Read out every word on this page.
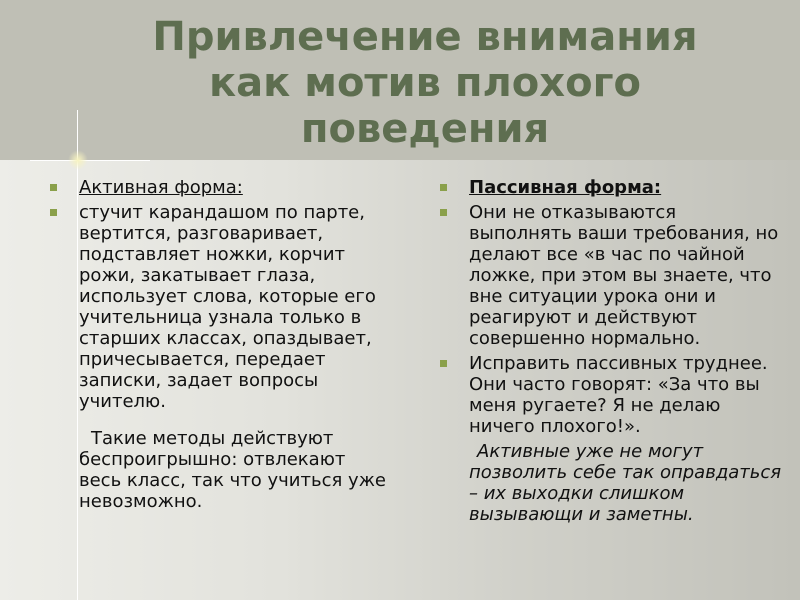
Привлечение внимания
как мотив плохого
поведения
Активная форма:
стучит карандашом по парте, вертится, разговаривает, подставляет ножки, корчит рожи, закатывает глаза, использует слова, которые его учительница узнала только в старших классах, опаздывает, причесывается, передает записки, задает вопросы учителю.
Такие методы действуют беспроигрышно: отвлекают весь класс, так что учиться уже невозможно.
Пассивная форма:
Они не отказываются выполнять ваши требования, но делают все «в час по чайной ложке, при этом вы знаете, что вне ситуации урока они и реагируют и действуют совершенно нормально.
Исправить пассивных труднее. Они часто говорят: «За что вы меня ругаете? Я не делаю ничего плохого!».
Активные уже не могут позволить себе так оправдаться – их выходки слишком вызывающи и заметны.
